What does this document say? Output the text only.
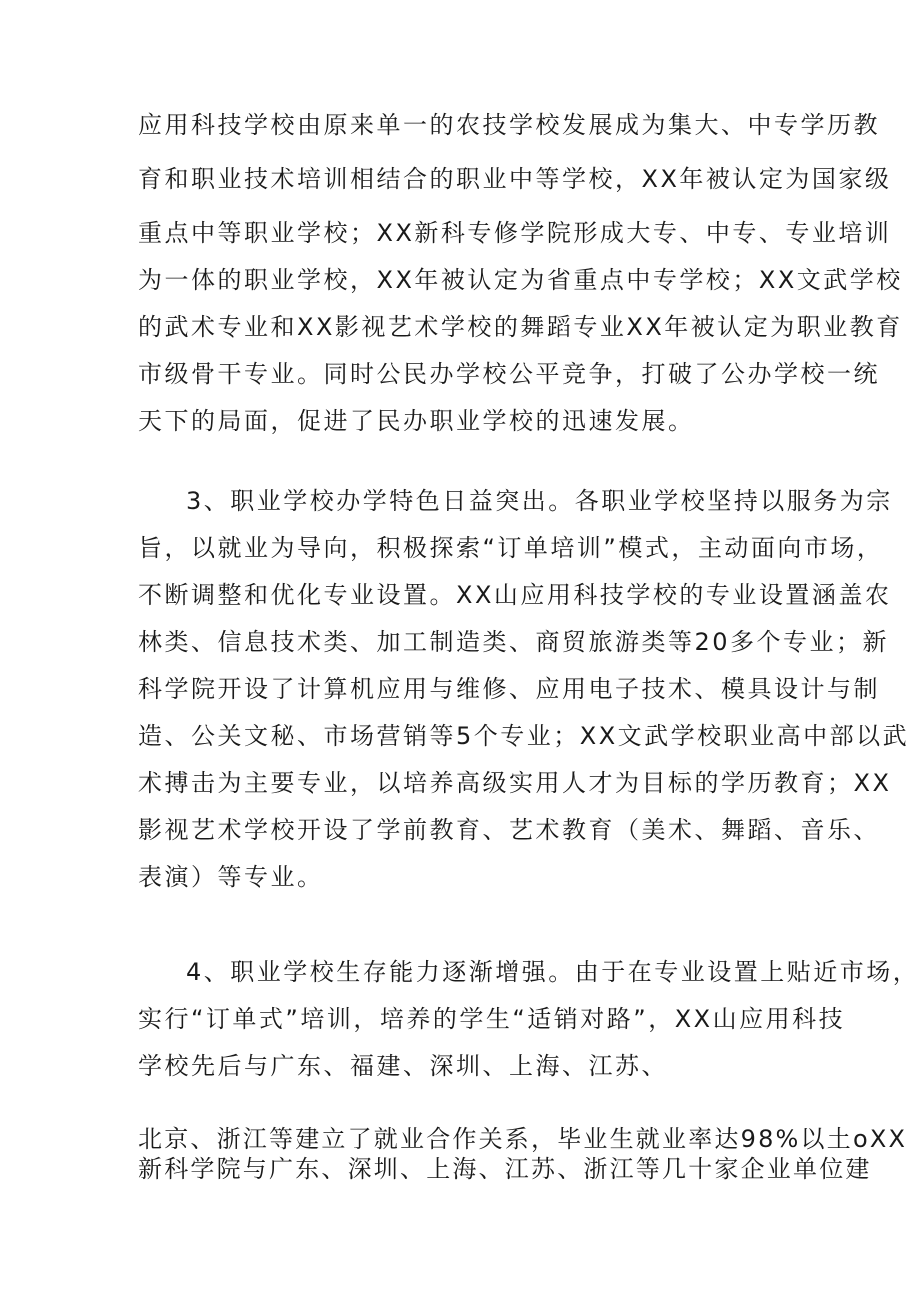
应用科技学校由原来单一的农技学校发展成为集大、中专学历教
育和职业技术培训相结合的职业中等学校，XX年被认定为国家级
重点中等职业学校；XX新科专修学院形成大专、中专、专业培训
为一体的职业学校，XX年被认定为省重点中专学校；XX文武学校
的武术专业和XX影视艺术学校的舞蹈专业XX年被认定为职业教育
市级骨干专业。同时公民办学校公平竞争，打破了公办学校一统
天下的局面，促进了民办职业学校的迅速发展。
3、职业学校办学特色日益突出。各职业学校坚持以服务为宗
旨，以就业为导向，积极探索“订单培训”模式，主动面向市场，
不断调整和优化专业设置。XX山应用科技学校的专业设置涵盖农
林类、信息技术类、加工制造类、商贸旅游类等20多个专业；新
科学院开设了计算机应用与维修、应用电子技术、模具设计与制
造、公关文秘、市场营销等5个专业；XX文武学校职业高中部以武
术搏击为主要专业，以培养高级实用人才为目标的学历教育；XX
影视艺术学校开设了学前教育、艺术教育（美术、舞蹈、音乐、
表演）等专业。
4、职业学校生存能力逐渐增强。由于在专业设置上贴近市场，
实行“订单式”培训，培养的学生“适销对路”，XX山应用科技
学校先后与广东、福建、深圳、上海、江苏、
北京、浙江等建立了就业合作关系，毕业生就业率达98%以土oXX
新科学院与广东、深圳、上海、江苏、浙江等几十家企业单位建
